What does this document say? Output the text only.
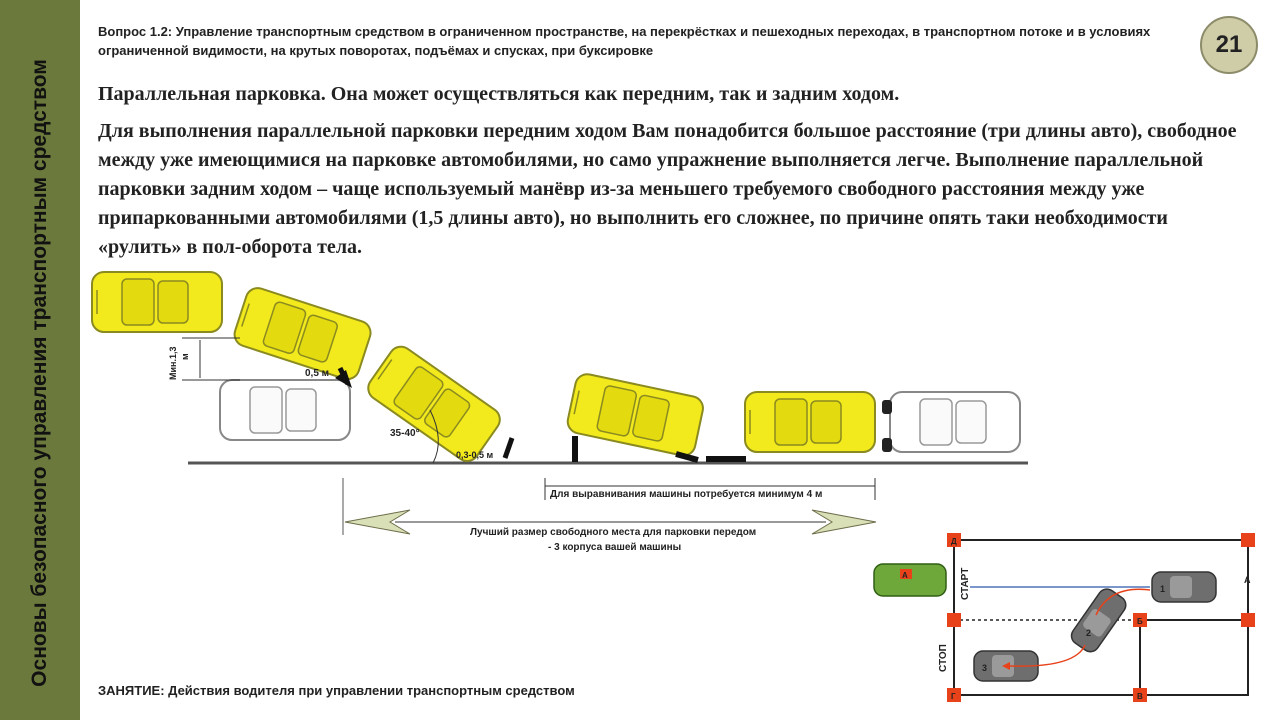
Основы безопасного управления транспортным средством
Вопрос 1.2: Управление транспортным средством в ограниченном пространстве, на перекрёстках и пешеходных переходах, в транспортном потоке и в условиях ограниченной видимости, на крутых поворотах, подъёмах и спусках, при буксировке	21
Параллельная парковка. Она может осуществляться как передним, так и задним ходом.
Для выполнения параллельной парковки передним ходом Вам понадобится большое расстояние (три длины авто), свободное между уже имеющимися на парковке автомобилями, но само упражнение выполняется легче. Выполнение параллельной парковки задним ходом – чаще используемый манёвр из-за меньшего требуемого свободного расстояния между уже припаркованными автомобилями (1,5 длины авто), но выполнить его сложнее, по причине опять таки необходимости «рулить» в пол-оборота тела.
Мин.1,3 м
0,5 м
35-40°
0,3-0,5 м
Для выравнивания машины потребуется минимум 4 м
Лучший размер свободного места для парковки передом
- 3 корпуса вашей машины
Д
А
Б
В
Г
СТАРТ
СТОП
А
1
2
3
ЗАНЯТИЕ: Действия водителя при управлении транспортным средством
